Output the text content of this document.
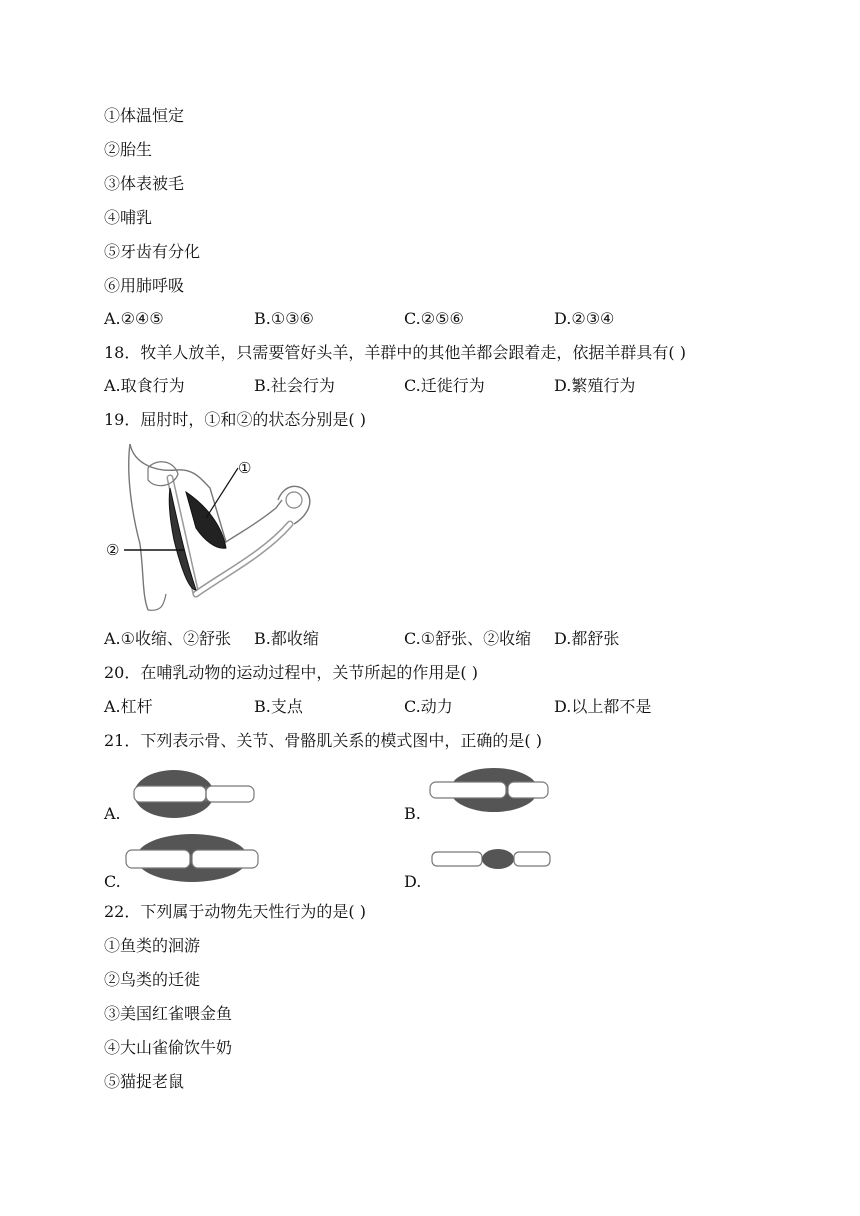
①体温恒定
②胎生
③体表被毛
④哺乳
⑤牙齿有分化
⑥用肺呼吸
A.②④⑤	B.①③⑥	C.②⑤⑥	D.②③④
18．牧羊人放羊，只需要管好头羊，羊群中的其他羊都会跟着走，依据羊群具有( )
A.取食行为	B.社会行为	C.迁徙行为	D.繁殖行为
19．屈肘时，①和②的状态分别是( )
①
②
A.①收缩、②舒张 B.都收缩	C.①舒张、②收缩 D.都舒张
20．在哺乳动物的运动过程中，关节所起的作用是( )
A.杠杆	B.支点	C.动力	D.以上都不是
21．下列表示骨、关节、骨骼肌关系的模式图中，正确的是( )
A.	B.
C.	D.
22．下列属于动物先天性行为的是( )
①鱼类的洄游
②鸟类的迁徙
③美国红雀喂金鱼
④大山雀偷饮牛奶
⑤猫捉老鼠
